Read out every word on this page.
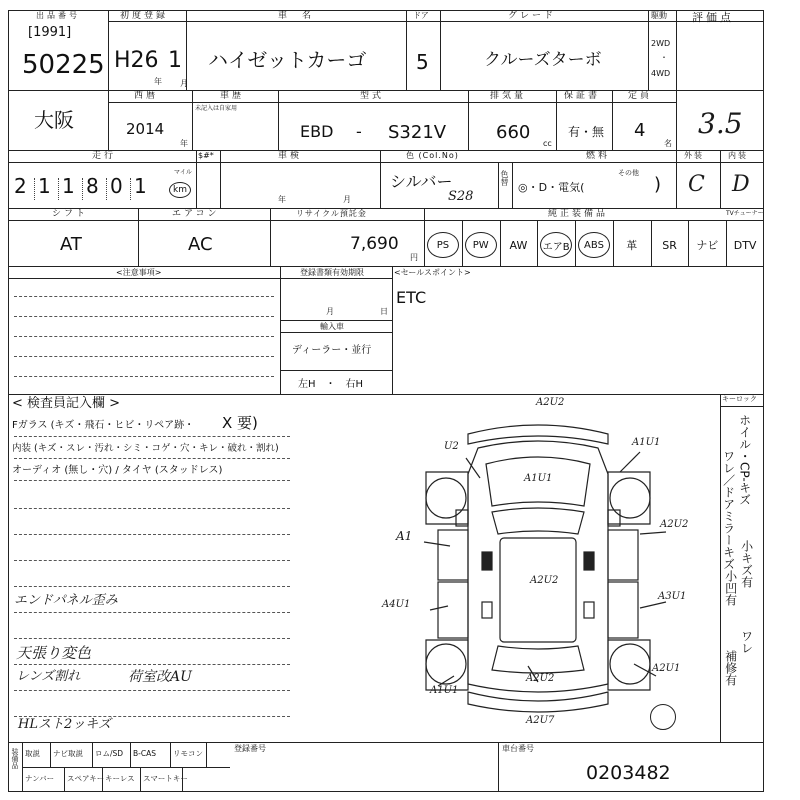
出品番号
[1991]
50225
初度登録
H26 1
年 月
車　名
ハイゼットカーゴ
ドア
5
グレード
クルーズターボ
駆動
2WD
・
4WD
評価点
大阪
西暦
2014
年
車歴
未記入は自家用
型式
EBD - S321V
排気量
660
cc
保証書
有・無
定員
4
名
3.5
走行
2 1 1 8 0 1
マイル
km
$#*	車検
年	月
色 (Col.No)
シルバー
S28
色替
燃料
◎・D・電気(
その他
)
外装
C
内装
D
シフト
AT
エアコン
AC
リサイクル預託金
7,690
円
純正装備品	TVチューナー
PS	PW	AW	エアB	ABS	革	SR	ナビ	DTV
<注意事項>	登録書類有効期限
月	日
輸入車
ディーラー・並行
左H　・　右H
<セールスポイント>
ETC
< 検査員記入欄 >
Fガラス (キズ・飛石・ヒビ・リペア跡・ X 要)
内装 (キズ・スレ・汚れ・シミ・コゲ・穴・キレ・破れ・割れ)
オーディオ (無し・穴) / タイヤ (スタッドレス)
エンドパネル歪み
天張り変色
レンズ割れ	荷室改AU
HLスト2ッキズ
キーロック
ホイル・CP-キズ
ワレ／ドアミラーキズ 小キズ有
小凹有
ワレ
補修有
A2U2
U2	A1U1
A1U1
A1
A2U2
A2U2
A4U1
A3U1
A2U1
A1U1
A2U2
A2U7
取説 ナビ取説 ロム/SD B-CAS リモコン
ナンバー スペアキー キーレス スマートキー
装備品	登録番号	車台番号
0203482
